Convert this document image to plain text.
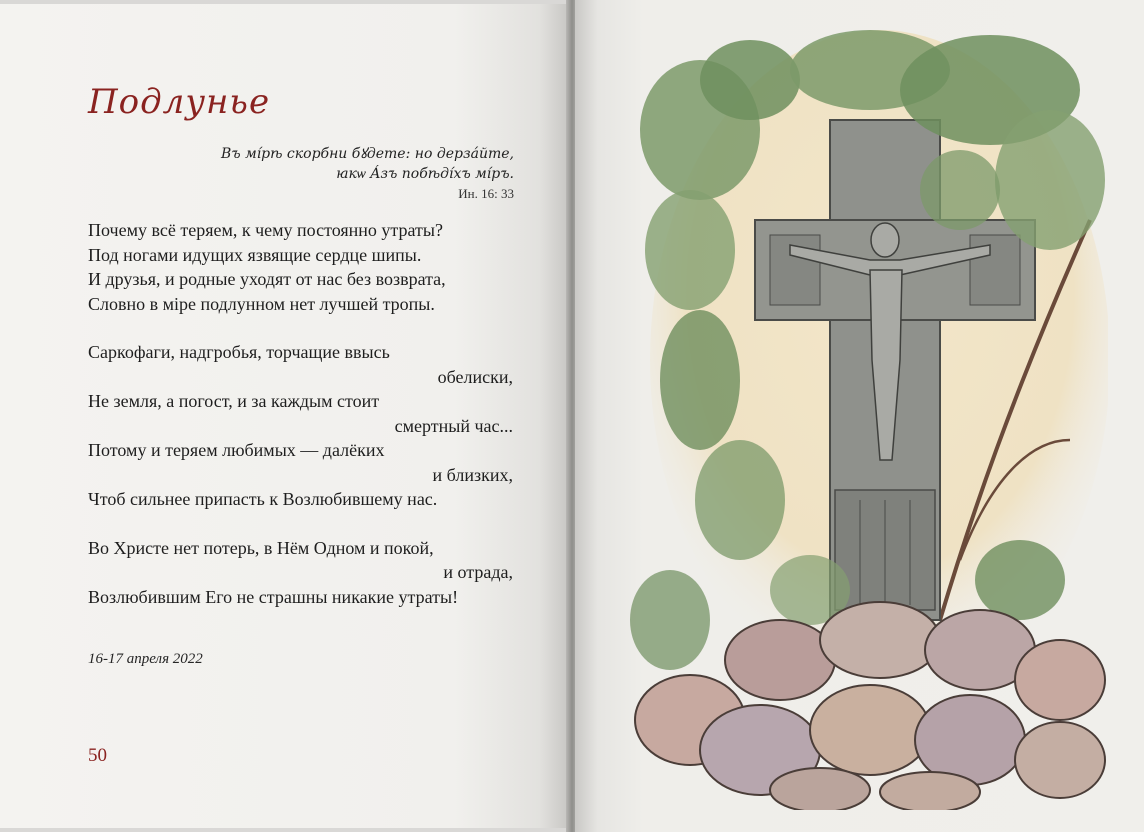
Подлунье
Въ мíрѣ скорбни бꙋдете: но дерзáйте,
ꙗкѡ Áзъ побѣдíхъ мíръ.
Ин. 16: 33
Почему всё теряем, к чему постоянно утраты?
Под ногами идущих язвящие сердце шипы.
И друзья, и родные уходят от нас без возврата,
Словно в міре подлунном нет лучшей тропы.
Саркофаги, надгробья, торчащие ввысь
обелиски,
Не земля, а погост, и за каждым стоит
смертный час...
Потому и теряем любимых — далёких
и близких,
Чтоб сильнее припасть к Возлюбившему нас.
Во Христе нет потерь, в Нём Одном и покой,
и отрада,
Возлюбившим Его не страшны никакие утраты!
16-17 апреля 2022
50
